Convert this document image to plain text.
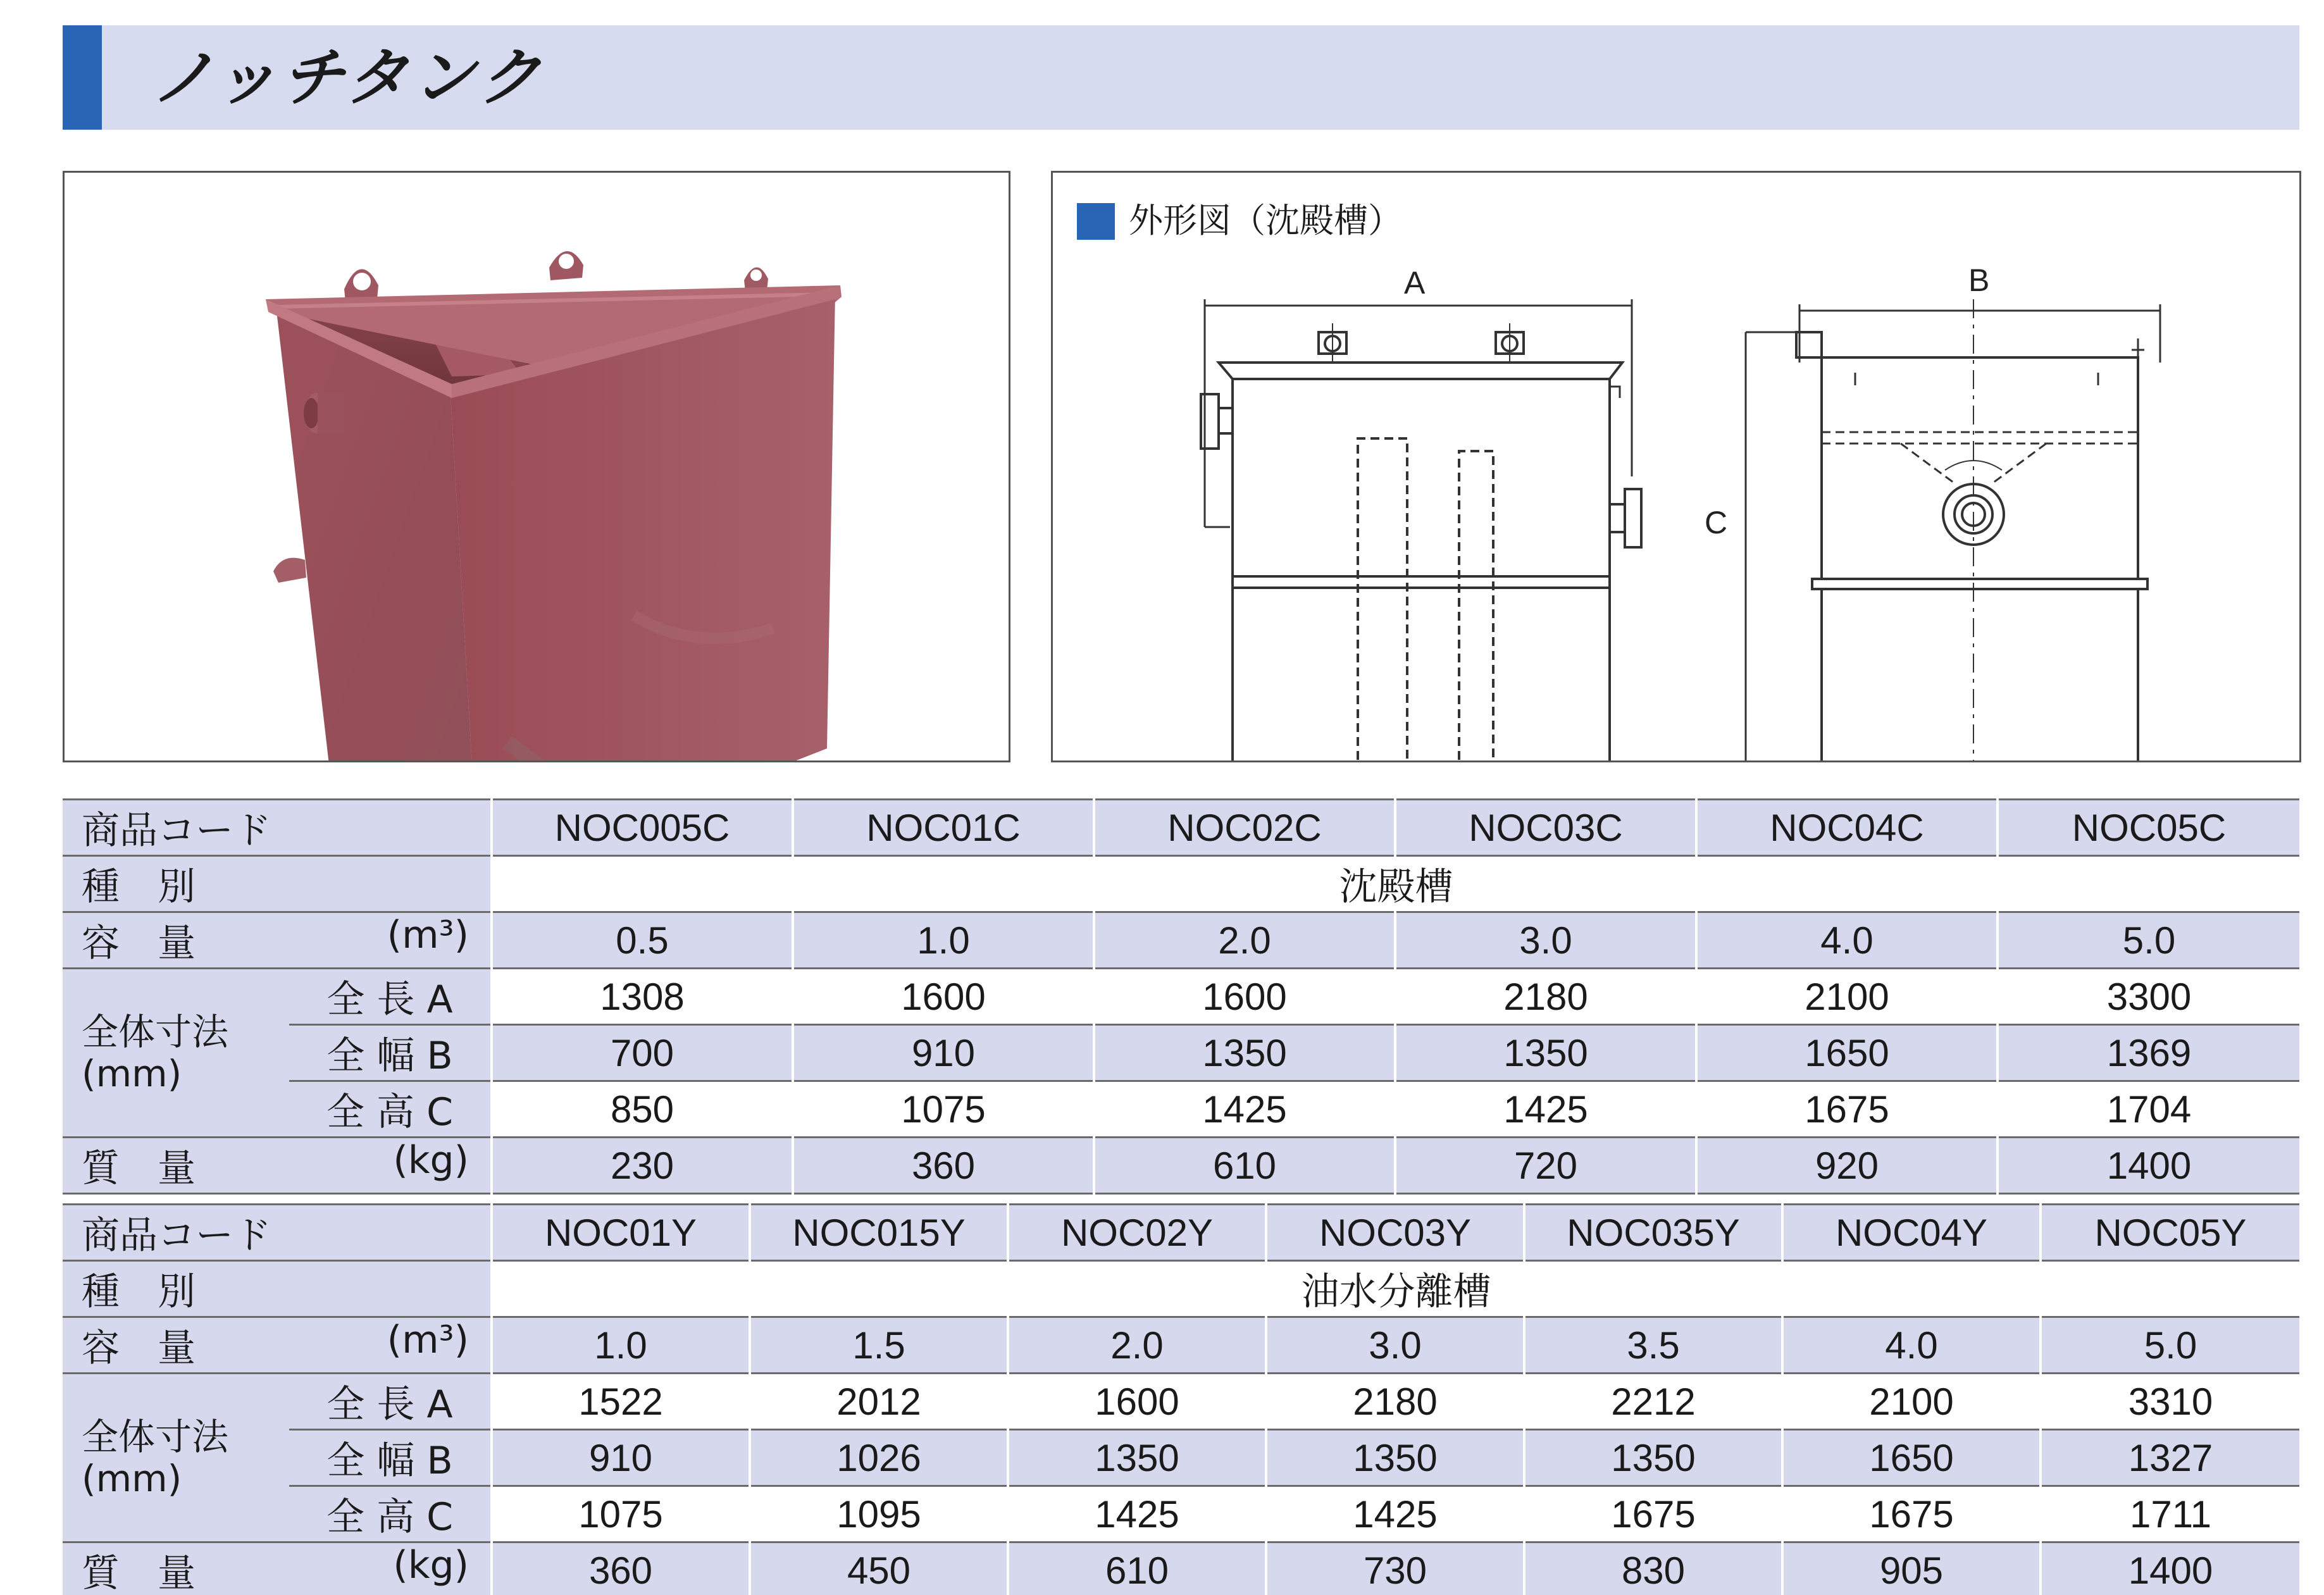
ノッチタンク
外形図（沈殿槽）
A	B
C
商品コード		NOC005C	NOC01C	NOC02C	NOC03C	NOC04C	NOC05C
種　別		沈殿槽					
容　量 (m³)		0.5	1.0	2.0	3.0	4.0	5.0

全体寸法
(mm)	全 長 A	1308	1600	1600	2180	2100	3300
	全 幅 B	700	910	1350	1350	1650	1369
	全 高 C	850	1075	1425	1425	1675	1704
質　量 (kg)		230	360	610	720	920	1400
商品コード		NOC01Y	NOC015Y	NOC02Y	NOC03Y	NOC035Y	NOC04Y	NOC05Y
種　別		油水分離槽						
容　量 (m³)		1.0	1.5	2.0	3.0	3.5	4.0	5.0

全体寸法
(mm)	全 長 A	1522	2012	1600	2180	2212	2100	3310
	全 幅 B	910	1026	1350	1350	1350	1650	1327
	全 高 C	1075	1095	1425	1425	1675	1675	1711
質　量 (kg)		360	450	610	730	830	905	1400
